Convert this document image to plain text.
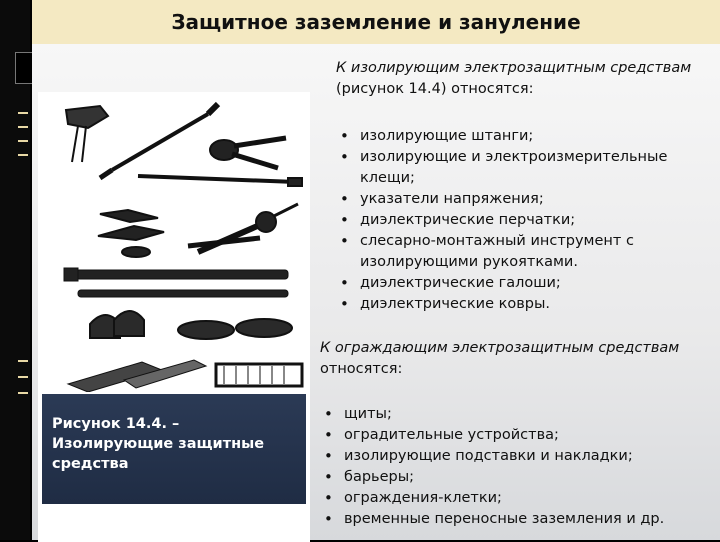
Защитное заземление и зануление
Рисунок 14.4. – Изолирующие защитные средства
К изолирующим электрозащитным средствам (рисунок 14.4) относятся:
• изолирующие штанги;
• изолирующие и электроизмерительные клещи;
• указатели напряжения;
• диэлектрические перчатки;
• слесарно-монтажный инструмент с изолирующими рукоятками.
• диэлектрические галоши;
• диэлектрические ковры.
К ограждающим электрозащитным средствам относятся:
• щиты;
• оградительные устройства;
• изолирующие подставки и накладки;
• барьеры;
• ограждения-клетки;
• временные переносные заземления и др.
